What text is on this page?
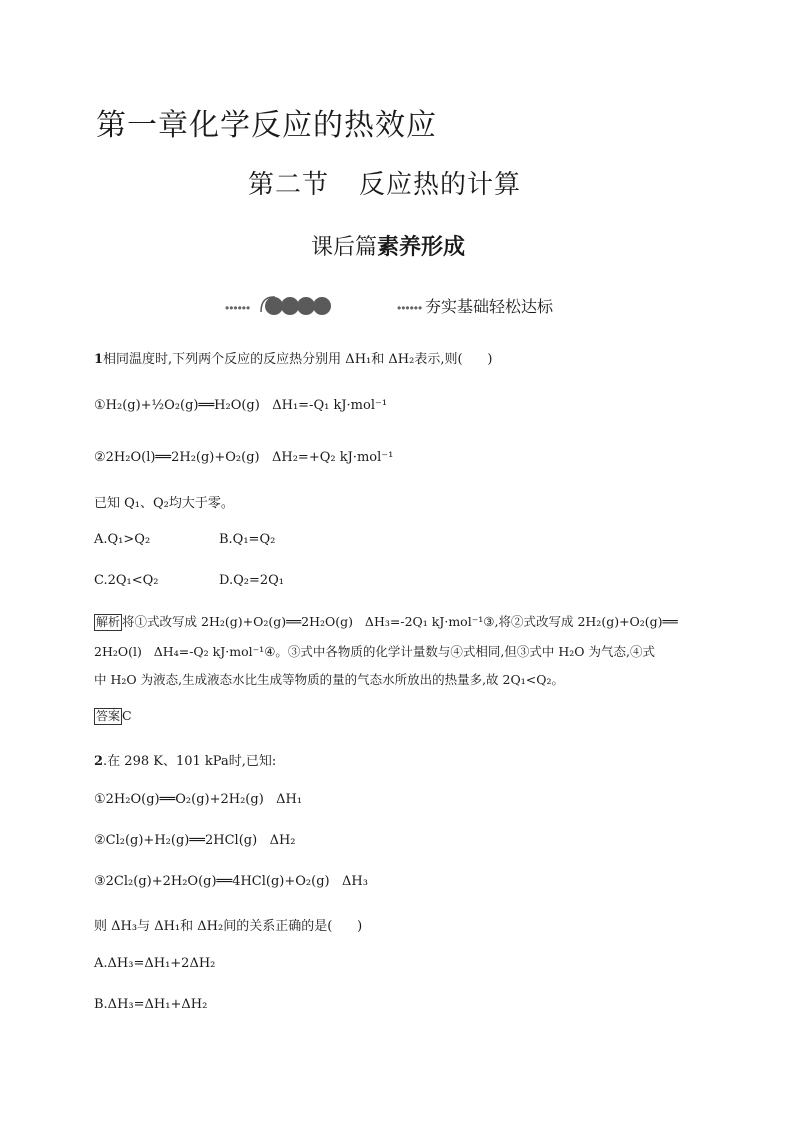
第一章化学反应的热效应
第二节 反应热的计算
课后篇素养形成
••••••	•••••• 夯实基础轻松达标
1相同温度时,下列两个反应的反应热分别用 ΔH₁和 ΔH₂表示,则(      )
①H₂(g)+½O₂(g)══H₂O(g)   ΔH₁=-Q₁ kJ·mol⁻¹
②2H₂O(l)══2H₂(g)+O₂(g)   ΔH₂=+Q₂ kJ·mol⁻¹
已知 Q₁、Q₂均大于零。
A.Q₁>Q₂	B.Q₁=Q₂
C.2Q₁<Q₂	D.Q₂=2Q₁
解析 将①式改写成 2H₂(g)+O₂(g)══2H₂O(g)   ΔH₃=-2Q₁ kJ·mol⁻¹③,将②式改写成 2H₂(g)+O₂(g)══
2H₂O(l)   ΔH₄=-Q₂ kJ·mol⁻¹④。③式中各物质的化学计量数与④式相同,但③式中 H₂O 为气态,④式
中 H₂O 为液态,生成液态水比生成等物质的量的气态水所放出的热量多,故 2Q₁<Q₂。
答案 C
2.在 298 K、101 kPa时,已知:
①2H₂O(g)══O₂(g)+2H₂(g)   ΔH₁
②Cl₂(g)+H₂(g)══2HCl(g)   ΔH₂
③2Cl₂(g)+2H₂O(g)══4HCl(g)+O₂(g)   ΔH₃
则 ΔH₃与 ΔH₁和 ΔH₂间的关系正确的是(      )
A.ΔH₃=ΔH₁+2ΔH₂
B.ΔH₃=ΔH₁+ΔH₂
